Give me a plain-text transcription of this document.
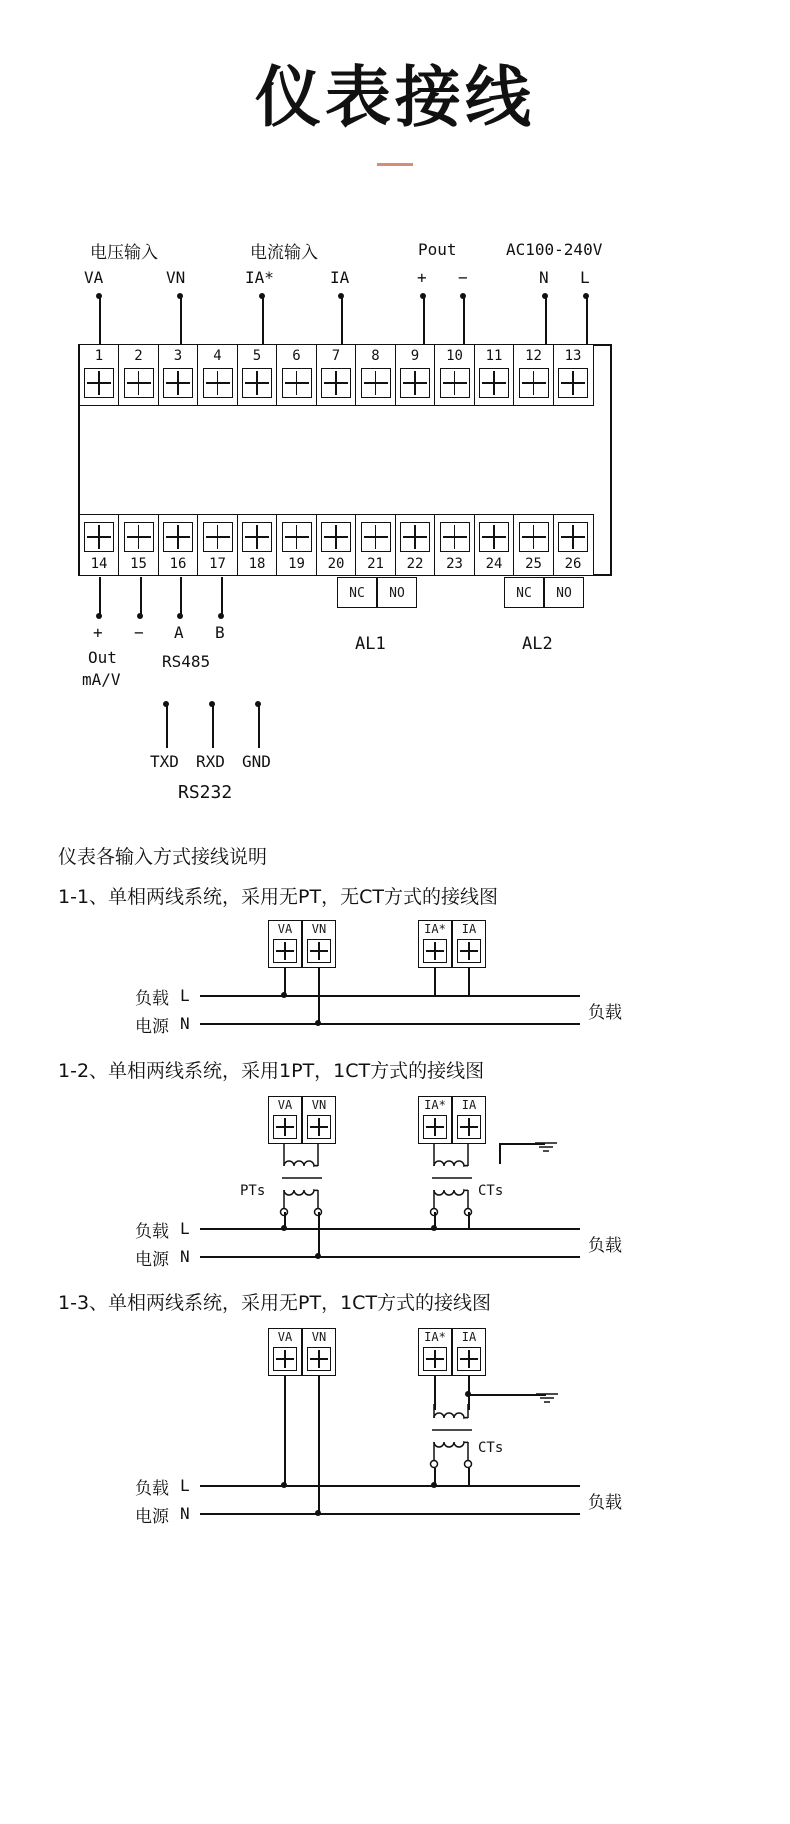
仪表接线
电压输入	电流输入	Pout	AC100-240V
VA	VN	IA*	IA	+ −	N L
1	2	3	4	5	6	7	8	9	10	11	12	13
14	15	16	17	18	19	20	21	22	23	24	25	26
+ − A B
Out
mA/V
RS485
TXD RXD GND
RS232
NC	NO
AL1
NC	NO
AL2
仪表各输入方式接线说明
1-1、单相两线系统，采用无PT，无CT方式的接线图
VA	VN	IA*	IA
负载 L
电源 N
负载
1-2、单相两线系统，采用1PT，1CT方式的接线图
VA	VN	IA*	IA
PTs	CTs
负载 L
电源 N
负载
1-3、单相两线系统，采用无PT，1CT方式的接线图
VA	VN	IA*	IA
CTs
负载 L
电源 N
负载
